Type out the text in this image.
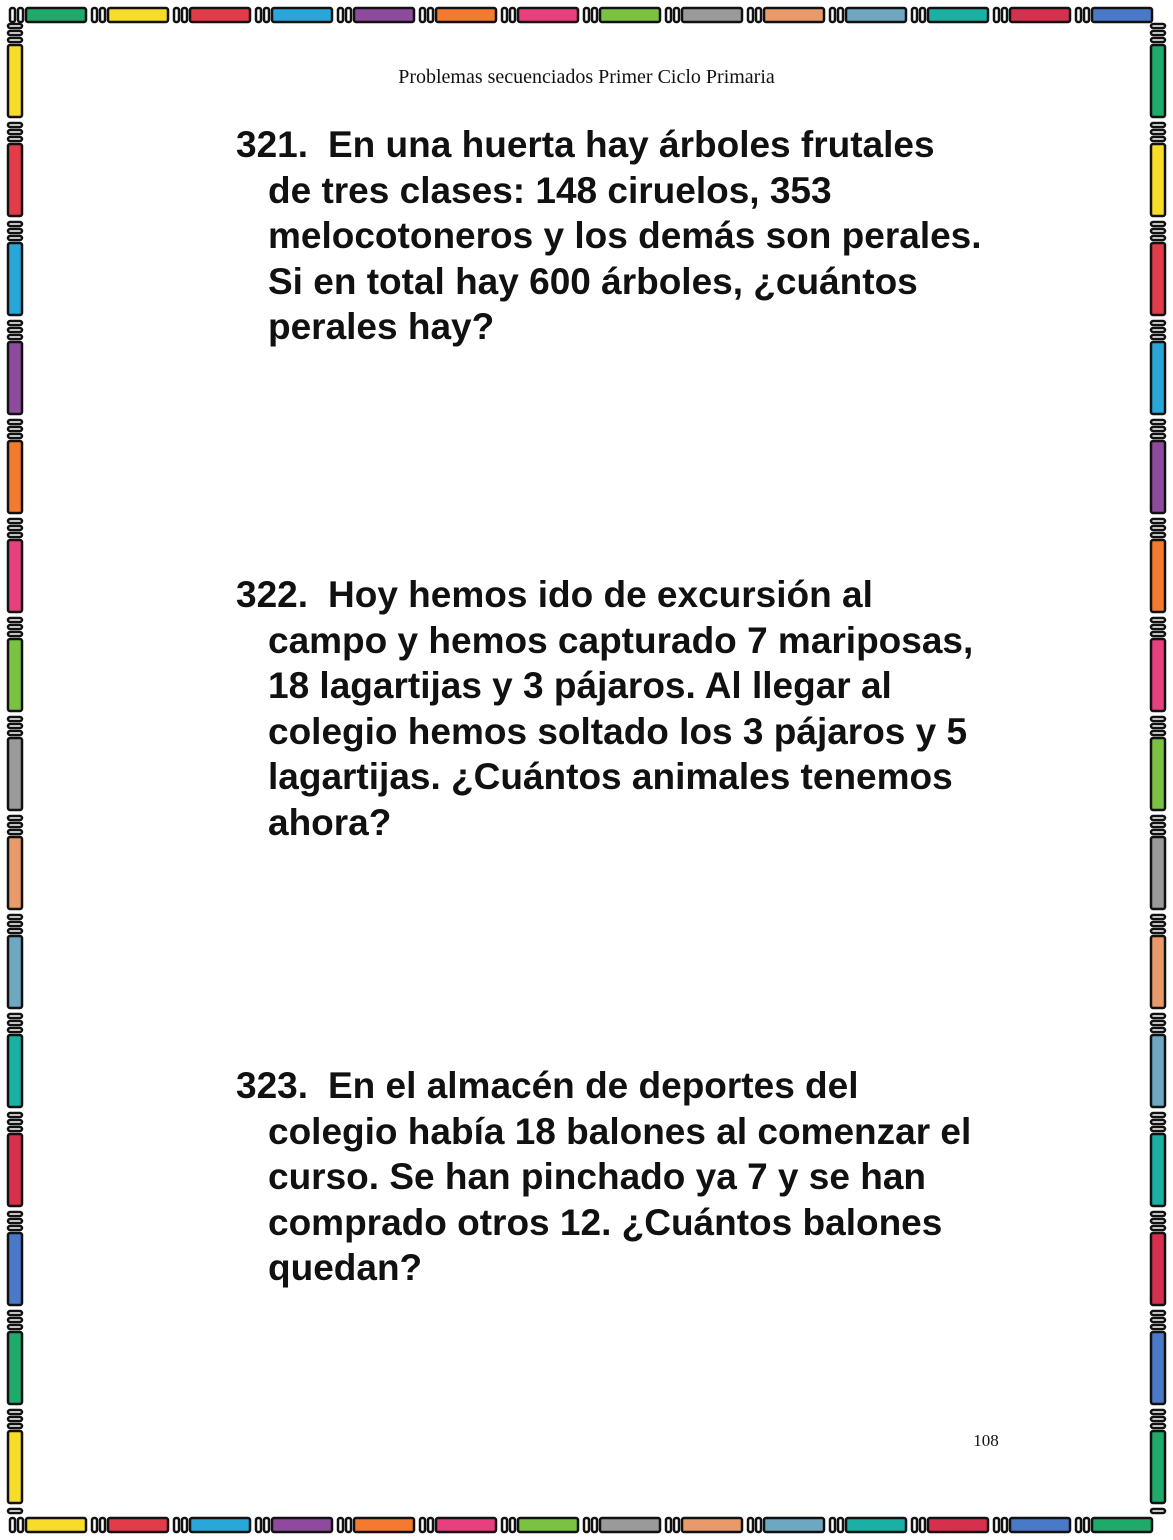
Problemas secuenciados Primer Ciclo Primaria
321. En una huerta hay árboles frutales
de tres clases: 148 ciruelos, 353
melocotoneros y los demás son perales.
Si en total hay 600 árboles, ¿cuántos
perales hay?
322. Hoy hemos ido de excursión al
campo y hemos capturado 7 mariposas,
18 lagartijas y 3 pájaros. Al llegar al
colegio hemos soltado los 3 pájaros y 5
lagartijas. ¿Cuántos animales tenemos
ahora?
323. En el almacén de deportes del
colegio había 18 balones al comenzar el
curso. Se han pinchado ya 7 y se han
comprado otros 12. ¿Cuántos balones
quedan?
108
